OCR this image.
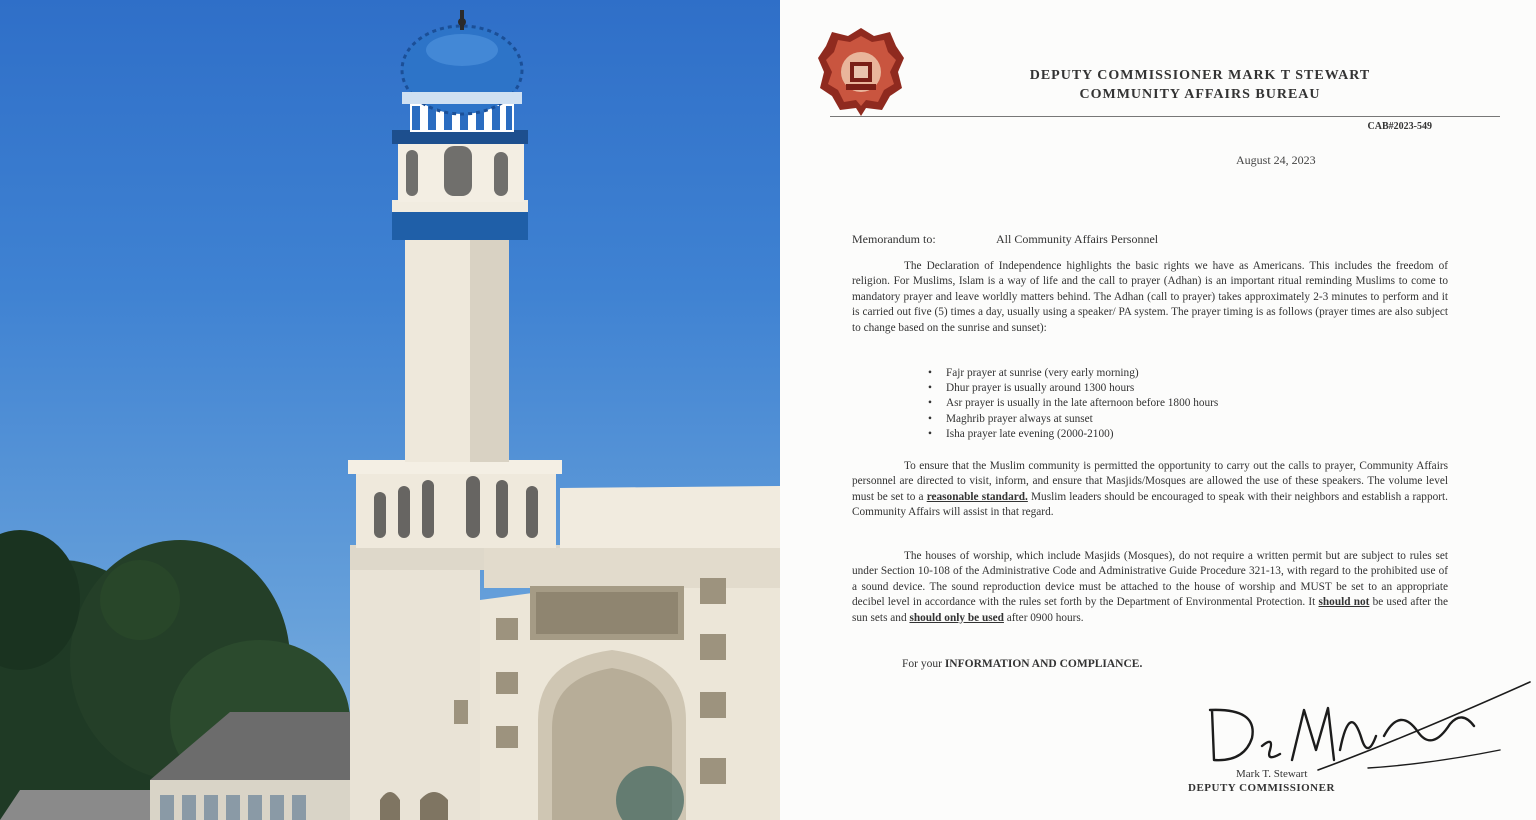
DEPUTY COMMISSIONER MARK T STEWART
COMMUNITY AFFAIRS BUREAU
CAB#2023-549
August 24, 2023
Memorandum to:	All Community Affairs Personnel
The Declaration of Independence highlights the basic rights we have as Americans. This includes the freedom of religion. For Muslims, Islam is a way of life and the call to prayer (Adhan) is an important ritual reminding Muslims to come to mandatory prayer and leave worldly matters behind. The Adhan (call to prayer) takes approximately 2-3 minutes to perform and it is carried out five (5) times a day, usually using a speaker/ PA system. The prayer timing is as follows (prayer times are also subject to change based on the sunrise and sunset):
• Fajr prayer at sunrise (very early morning)
• Dhur prayer is usually around 1300 hours
• Asr prayer is usually in the late afternoon before 1800 hours
• Maghrib prayer always at sunset
• Isha prayer late evening (2000-2100)
To ensure that the Muslim community is permitted the opportunity to carry out the calls to prayer, Community Affairs personnel are directed to visit, inform, and ensure that Masjids/Mosques are allowed the use of these speakers. The volume level must be set to a reasonable standard. Muslim leaders should be encouraged to speak with their neighbors and establish a rapport. Community Affairs will assist in that regard.
The houses of worship, which include Masjids (Mosques), do not require a written permit but are subject to rules set under Section 10-108 of the Administrative Code and Administrative Guide Procedure 321-13, with regard to the prohibited use of a sound device. The sound reproduction device must be attached to the house of worship and MUST be set to an appropriate decibel level in accordance with the rules set forth by the Department of Environmental Protection. It should not be used after the sun sets and should only be used after 0900 hours.
For your INFORMATION AND COMPLIANCE.
Mark T. Stewart
DEPUTY COMMISSIONER
